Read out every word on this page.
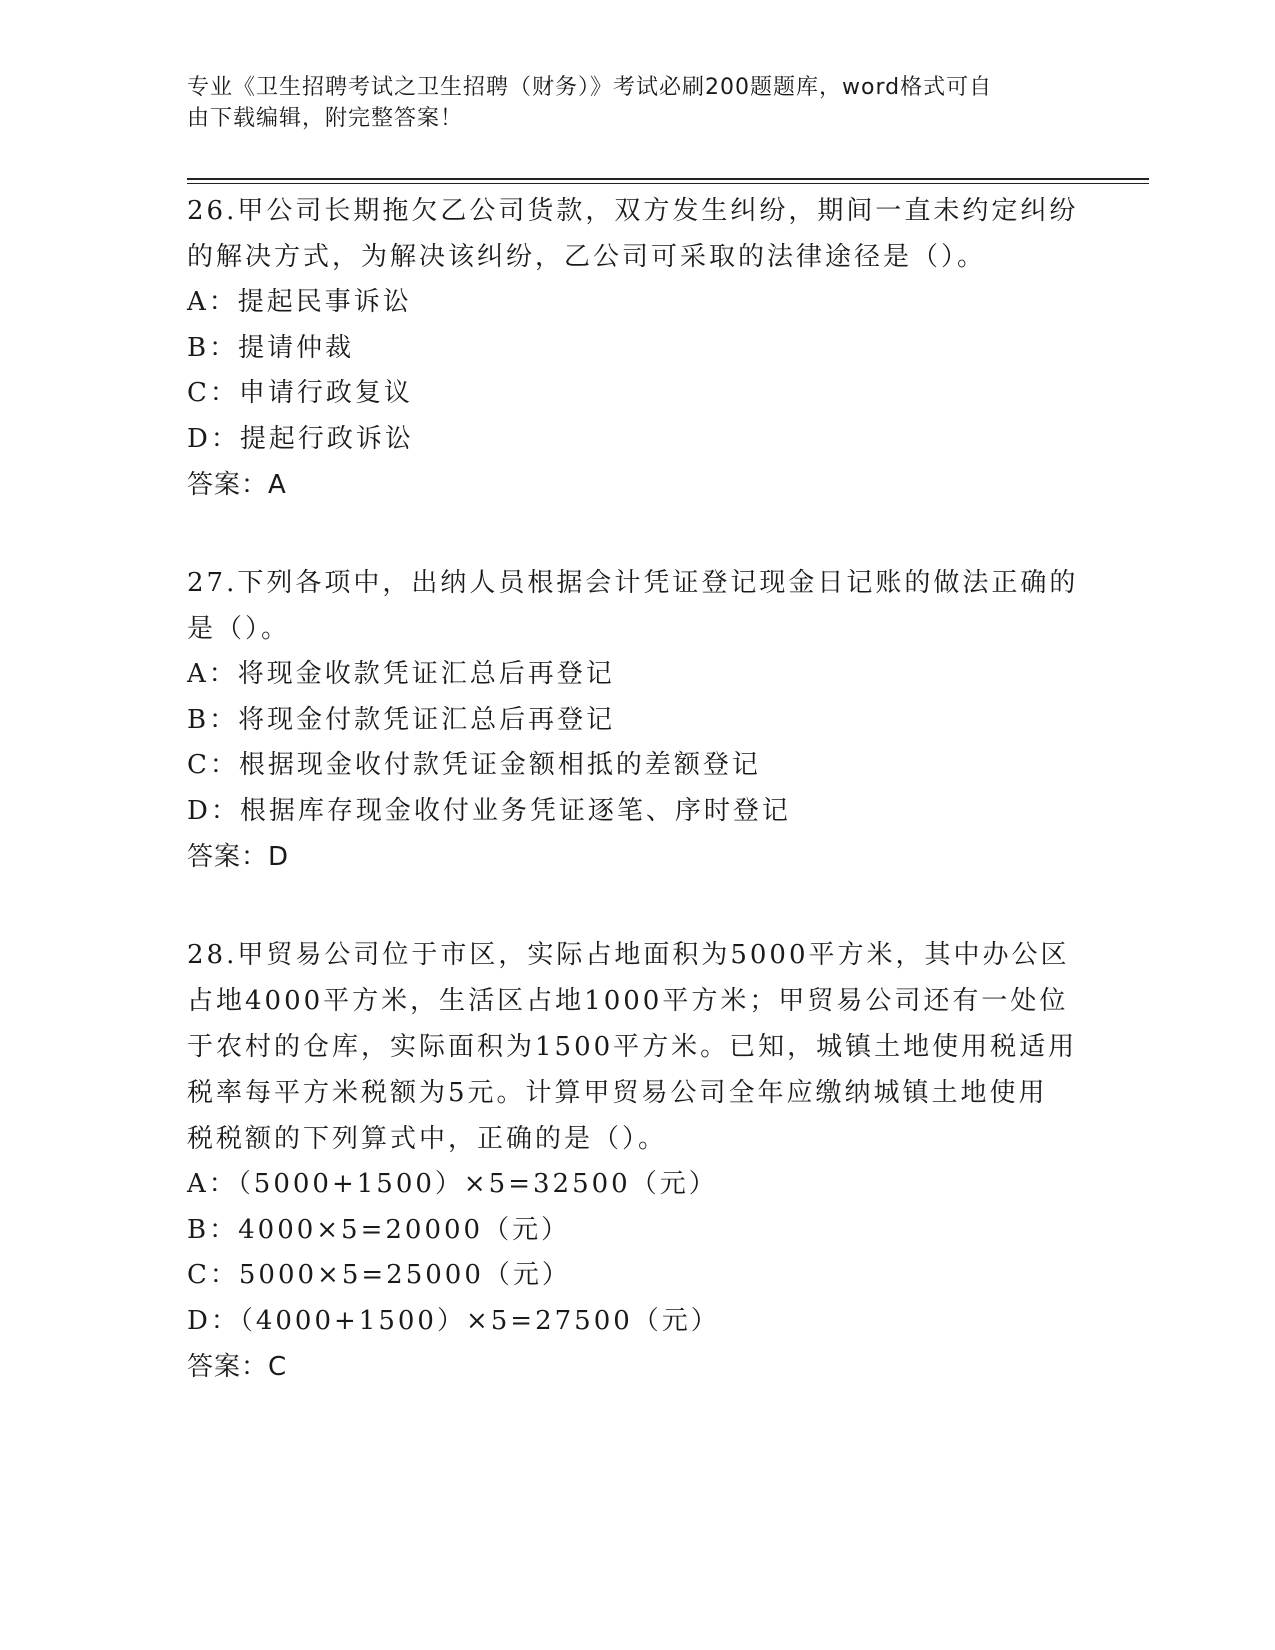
专业《卫生招聘考试之卫生招聘（财务）》考试必刷200题题库，word格式可自
由下载编辑，附完整答案！
26.甲公司长期拖欠乙公司货款，双方发生纠纷，期间一直未约定纠纷
的解决方式，为解决该纠纷，乙公司可采取的法律途径是（）。
A：提起民事诉讼
B：提请仲裁
C：申请行政复议
D：提起行政诉讼
答案：A
27.下列各项中，出纳人员根据会计凭证登记现金日记账的做法正确的
是（）。
A：将现金收款凭证汇总后再登记
B：将现金付款凭证汇总后再登记
C：根据现金收付款凭证金额相抵的差额登记
D：根据库存现金收付业务凭证逐笔、序时登记
答案：D
28.甲贸易公司位于市区，实际占地面积为5000平方米，其中办公区
占地4000平方米，生活区占地1000平方米；甲贸易公司还有一处位
于农村的仓库，实际面积为1500平方米。已知，城镇土地使用税适用
税率每平方米税额为5元。计算甲贸易公司全年应缴纳城镇土地使用
税税额的下列算式中，正确的是（）。
A：（5000+1500）×5=32500（元）
B：4000×5=20000（元）
C：5000×5=25000（元）
D：（4000+1500）×5=27500（元）
答案：C
